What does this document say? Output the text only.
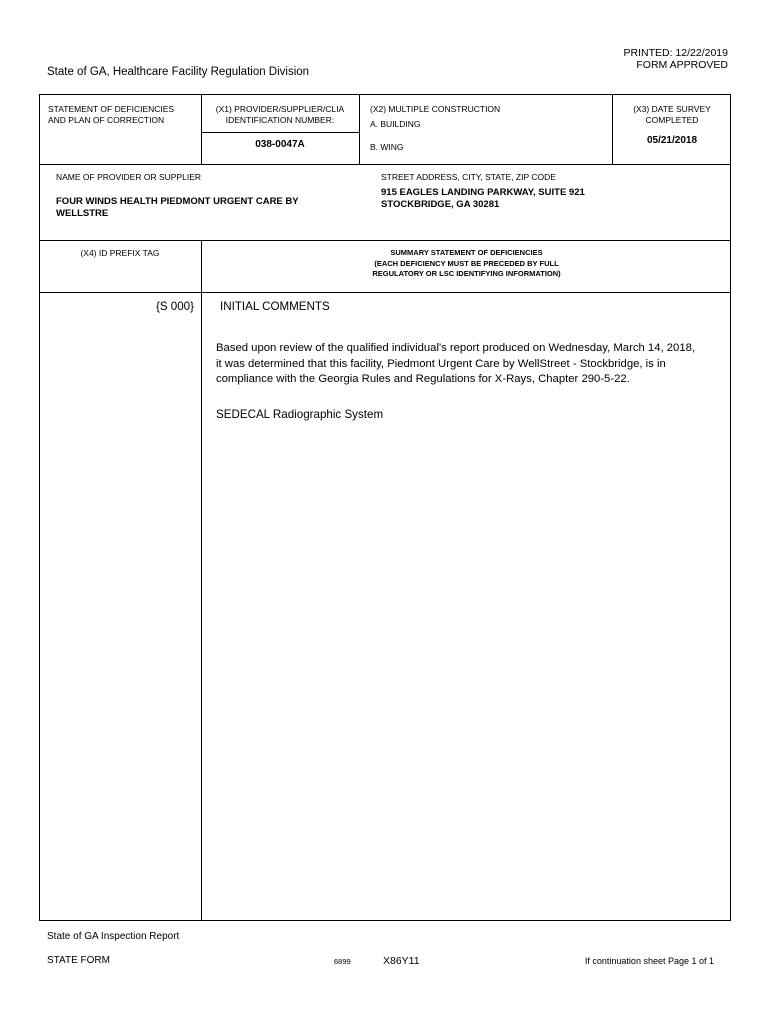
PRINTED: 12/22/2019
FORM APPROVED
State of GA, Healthcare Facility Regulation Division
STATEMENT OF DEFICIENCIES
AND PLAN OF CORRECTION
(X1) PROVIDER/SUPPLIER/CLIA
IDENTIFICATION NUMBER:
038-0047A
(X2) MULTIPLE CONSTRUCTION
A. BUILDING
B. WING
(X3) DATE SURVEY
COMPLETED
05/21/2018
NAME OF PROVIDER OR SUPPLIER
FOUR WINDS HEALTH PIEDMONT URGENT CARE BY
WELLSTRE
STREET ADDRESS, CITY, STATE, ZIP CODE
915 EAGLES LANDING PARKWAY, SUITE 921
STOCKBRIDGE, GA 30281
(X4) ID PREFIX TAG	SUMMARY STATEMENT OF DEFICIENCIES
(EACH DEFICIENCY MUST BE PRECEDED BY FULL
REGULATORY OR LSC IDENTIFYING INFORMATION)
{S 000} INITIAL COMMENTS
Based upon review of the qualified individual's report produced on Wednesday, March 14, 2018,
it was determined that this facility, Piedmont Urgent Care by WellStreet - Stockbridge, is in
compliance with the Georgia Rules and Regulations for X-Rays, Chapter 290-5-22.
SEDECAL Radiographic System
State of GA Inspection Report
STATE FORM	6899	X86Y11	If continuation sheet Page 1 of 1
